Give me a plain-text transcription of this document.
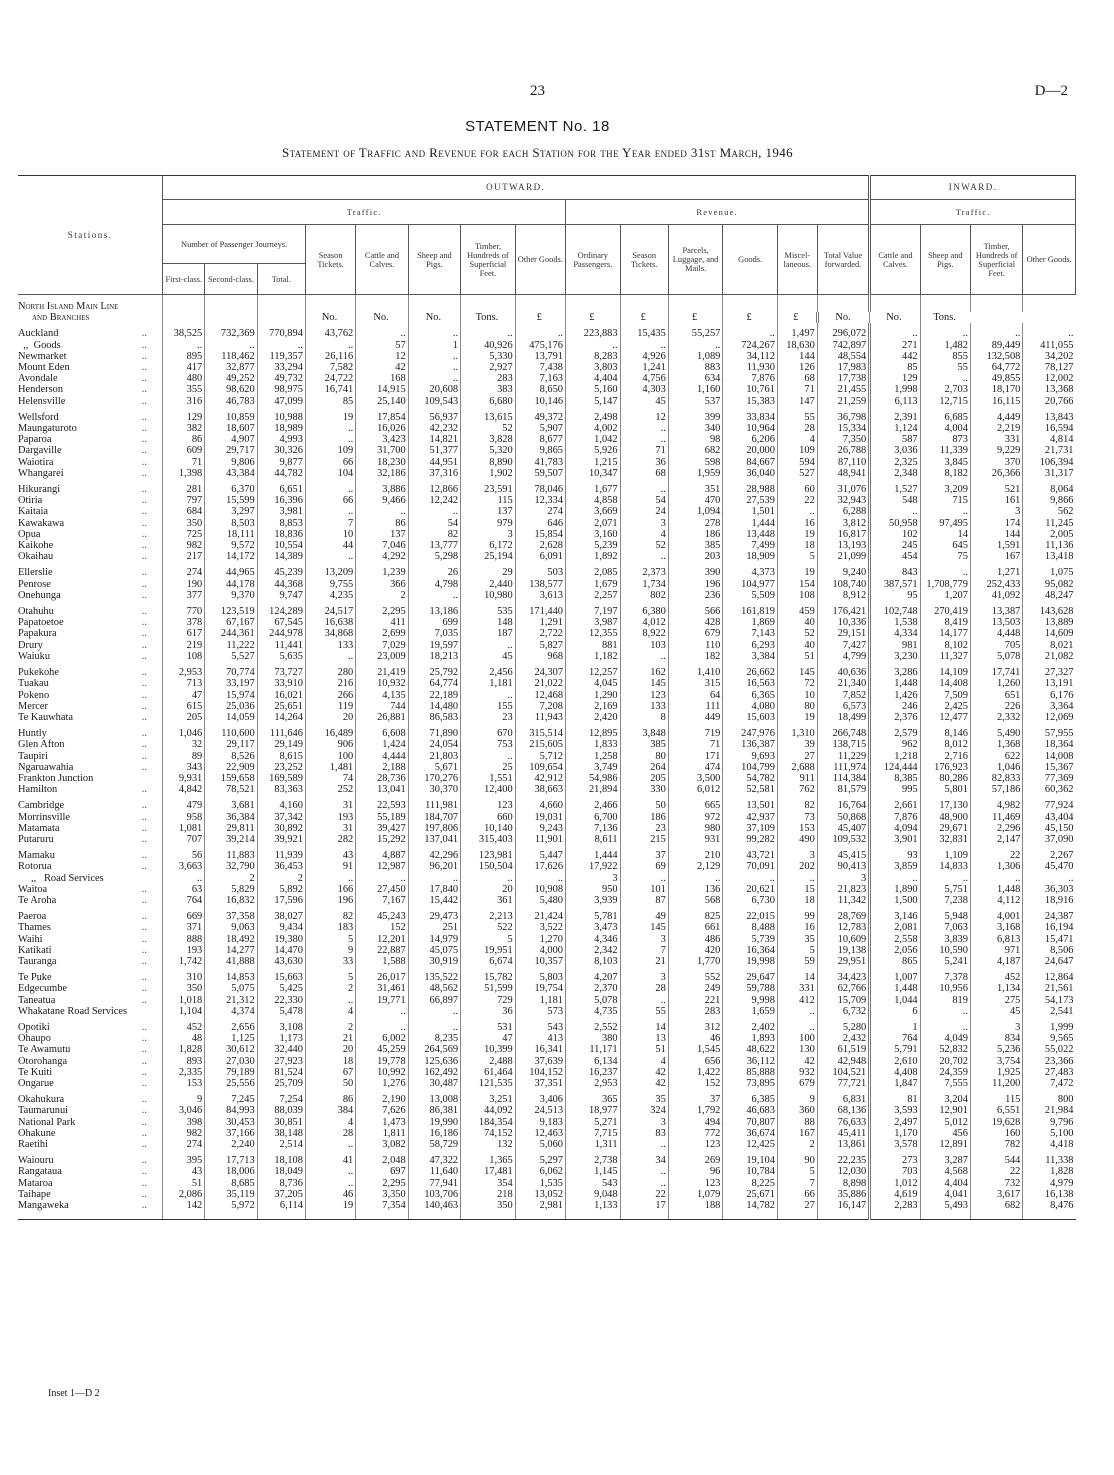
23	D—2
STATEMENT No. 18
Statement of Traffic and Revenue for each Station for the Year ended 31st March, 1946
Stations.		OUTWARD.														INWARD.			
		Traffic.								Revenue.						Traffic.			
		Number of Passenger Journeys.			Season Tickets.	Cattle and Calves.	Sheep and Pigs.	Timber, Hundreds of Superficial Feet.	Other Goods.	Ordinary Passengers.	Season Tickets.	Parcels, Luggage, and Mails.	Goods.	Miscel-laneous.	Total Value forwarded.	Cattle and Calves.	Sheep and Pigs.	Timber, Hundreds of Superficial Feet.	Other Goods.
		First-class.	Second-class.	Total.															
North Island Main Line																			
and Branches					No.	No.	No.	Tons.	£	£	£	£	£	£	No.	No.	Tons.		
Auckland	..	38,525	732,369	770,894	43,762	..	..	..	..	223,883	15,435	55,257	..	1,497	296,072	..	..	..	..
,,  Goods	..	..	..	..	..	57	1	40,926	475,176	..	..	..	724,267	18,630	742,897	271	1,482	89,449	411,055
Newmarket	..	895	118,462	119,357	26,116	12	..	5,330	13,791	8,283	4,926	1,089	34,112	144	48,554	442	855	132,508	34,202
Mount Eden	..	417	32,877	33,294	7,582	42	..	2,927	7,438	3,803	1,241	883	11,930	126	17,983	85	55	64,772	78,127
Avondale	..	480	49,252	49,732	24,722	168	..	283	7,163	4,404	4,756	634	7,876	68	17,738	129	..	49,855	12,002
Henderson	..	355	98,620	98,975	16,741	14,915	20,608	383	8,650	5,160	4,303	1,160	10,761	71	21,455	1,998	2,703	18,170	13,368
Helensville	..	316	46,783	47,099	85	25,140	109,543	6,680	10,146	5,147	45	537	15,383	147	21,259	6,113	12,715	16,115	20,766
Wellsford	..	129	10,859	10,988	19	17,854	56,937	13,615	49,372	2,498	12	399	33,834	55	36,798	2,391	6,685	4,449	13,843
Maungaturoto	..	382	18,607	18,989	..	16,026	42,232	52	5,907	4,002	..	340	10,964	28	15,334	1,124	4,004	2,219	16,594
Paparoa	..	86	4,907	4,993	..	3,423	14,821	3,828	8,677	1,042	..	98	6,206	4	7,350	587	873	331	4,814
Dargaville	..	609	29,717	30,326	109	31,700	51,377	5,320	9,865	5,926	71	682	20,000	109	26,788	3,036	11,339	9,229	21,731
Waiotira	..	71	9,806	9,877	66	18,230	44,951	8,890	41,783	1,215	36	598	84,667	594	87,110	2,325	3,845	370	106,394
Whangarei	..	1,398	43,384	44,782	104	32,186	37,316	1,902	59,507	10,347	68	1,959	36,040	527	48,941	2,348	8,182	26,366	31,317
Hikurangi	..	281	6,370	6,651	..	3,886	12,866	23,591	78,046	1,677	..	351	28,988	60	31,076	1,527	3,209	521	8,064
Otiria	..	797	15,599	16,396	66	9,466	12,242	115	12,334	4,858	54	470	27,539	22	32,943	548	715	161	9,866
Kaitaia	..	684	3,297	3,981	..	..	..	137	274	3,669	24	1,094	1,501	..	6,288	..	..	3	562
Kawakawa	..	350	8,503	8,853	7	86	54	979	646	2,071	3	278	1,444	16	3,812	50,958	97,495	174	11,245
Opua	..	725	18,111	18,836	10	137	82	3	15,854	3,160	4	186	13,448	19	16,817	102	14	144	2,005
Kaikohe	..	982	9,572	10,554	44	7,046	13,777	6,172	2,628	5,239	52	385	7,499	18	13,193	245	645	1,591	11,136
Okaihau	..	217	14,172	14,389	..	4,292	5,298	25,194	6,091	1,892	..	203	18,909	5	21,099	454	75	167	13,418
Ellerslie	..	274	44,965	45,239	13,209	1,239	26	29	503	2,085	2,373	390	4,373	19	9,240	843	..	1,271	1,075
Penrose	..	190	44,178	44,368	9,755	366	4,798	2,440	138,577	1,679	1,734	196	104,977	154	108,740	387,571	1,708,779	252,433	95,082
Onehunga	..	377	9,370	9,747	4,235	2	..	10,980	3,613	2,257	802	236	5,509	108	8,912	95	1,207	41,092	48,247
Otahuhu	..	770	123,519	124,289	24,517	2,295	13,186	535	171,440	7,197	6,380	566	161,819	459	176,421	102,748	270,419	13,387	143,628
Papatoetoe	..	378	67,167	67,545	16,638	411	699	148	1,291	3,987	4,012	428	1,869	40	10,336	1,538	8,419	13,503	13,889
Papakura	..	617	244,361	244,978	34,868	2,699	7,035	187	2,722	12,355	8,922	679	7,143	52	29,151	4,334	14,177	4,448	14,609
Drury	..	219	11,222	11,441	133	7,029	19,597	..	5,827	881	103	110	6,293	40	7,427	981	8,102	705	8,021
Waiuku	..	108	5,527	5,635	..	23,009	18,213	45	968	1,182	..	182	3,384	51	4,799	3,230	11,327	5,078	21,082
Pukekohe	..	2,953	70,774	73,727	280	21,419	25,792	2,456	24,307	12,257	162	1,410	26,662	145	40,636	3,286	14,109	17,741	27,327
Tuakau	..	713	33,197	33,910	216	10,932	64,774	1,181	21,022	4,045	145	315	16,563	72	21,340	1,448	14,408	1,260	13,191
Pokeno	..	47	15,974	16,021	266	4,135	22,189	..	12,468	1,290	123	64	6,365	10	7,852	1,426	7,509	651	6,176
Mercer	..	615	25,036	25,651	119	744	14,480	155	7,208	2,169	133	111	4,080	80	6,573	246	2,425	226	3,364
Te Kauwhata	..	205	14,059	14,264	20	26,881	86,583	23	11,943	2,420	8	449	15,603	19	18,499	2,376	12,477	2,332	12,069
Huntly	..	1,046	110,600	111,646	16,489	6,608	71,890	670	315,514	12,895	3,848	719	247,976	1,310	266,748	2,579	8,146	5,490	57,955
Glen Afton	..	32	29,117	29,149	906	1,424	24,054	753	215,605	1,833	385	71	136,387	39	138,715	962	8,012	1,368	18,364
Taupiri	..	89	8,526	8,615	100	4,444	21,803	..	5,712	1,258	80	171	9,693	27	11,229	1,218	2,716	622	14,008
Ngaruawahia	..	343	22,909	23,252	1,481	2,188	5,671	25	109,654	3,749	264	474	104,799	2,688	111,974	124,444	176,923	1,046	15,367
Frankton Junction		9,931	159,658	169,589	74	28,736	170,276	1,551	42,912	54,986	205	3,500	54,782	911	114,384	8,385	80,286	82,833	77,369
Hamilton	..	4,842	78,521	83,363	252	13,041	30,370	12,400	38,663	21,894	330	6,012	52,581	762	81,579	995	5,801	57,186	60,362
Cambridge	..	479	3,681	4,160	31	22,593	111,981	123	4,660	2,466	50	665	13,501	82	16,764	2,661	17,130	4,982	77,924
Morrinsville	..	958	36,384	37,342	193	55,189	184,707	660	19,031	6,700	186	972	42,937	73	50,868	7,876	48,900	11,469	43,404
Matamata	..	1,081	29,811	30,892	31	39,427	197,806	10,140	9,243	7,136	23	980	37,109	153	45,407	4,094	29,671	2,296	45,150
Putaruru	..	707	39,214	39,921	282	15,292	137,041	315,403	11,901	8,611	215	931	99,282	490	109,532	3,901	32,831	2,147	37,090
Mamaku	..	56	11,883	11,939	43	4,887	42,296	123,981	5,447	1,444	37	210	43,721	3	45,415	93	1,109	22	2,267
Rotorua	..	3,663	32,790	36,453	91	12,987	96,201	150,504	17,626	17,922	69	2,129	70,091	202	90,413	3,859	14,833	1,306	45,470
,,   Road Services		..	2	2	..	..	..	..	..	3	..	..	..	..	3	..	..	..	..
Waitoa	..	63	5,829	5,892	166	27,450	17,840	20	10,908	950	101	136	20,621	15	21,823	1,890	5,751	1,448	36,303
Te Aroha	..	764	16,832	17,596	196	7,167	15,442	361	5,480	3,939	87	568	6,730	18	11,342	1,500	7,238	4,112	18,916
Paeroa	..	669	37,358	38,027	82	45,243	29,473	2,213	21,424	5,781	49	825	22,015	99	28,769	3,146	5,948	4,001	24,387
Thames	..	371	9,063	9,434	183	152	251	522	3,522	3,473	145	661	8,488	16	12,783	2,081	7,063	3,168	16,194
Waihi	..	888	18,492	19,380	5	12,201	14,979	5	1,270	4,346	3	486	5,739	35	10,609	2,558	3,839	6,813	15,471
Katikati	..	193	14,277	14,470	9	22,887	45,075	19,951	4,000	2,342	7	420	16,364	5	19,138	2,056	10,590	971	8,506
Tauranga	..	1,742	41,888	43,630	33	1,588	30,919	6,674	10,357	8,103	21	1,770	19,998	59	29,951	865	5,241	4,187	24,647
Te Puke	..	310	14,853	15,663	5	26,017	135,522	15,782	5,803	4,207	3	552	29,647	14	34,423	1,007	7,378	452	12,864
Edgecumbe	..	350	5,075	5,425	2	31,461	48,562	51,599	19,754	2,370	28	249	59,788	331	62,766	1,448	10,956	1,134	21,561
Taneatua	..	1,018	21,312	22,330	..	19,771	66,897	729	1,181	5,078	..	221	9,998	412	15,709	1,044	819	275	54,173
Whakatane Road Services		1,104	4,374	5,478	4	..	..	36	573	4,735	55	283	1,659	..	6,732	6	..	45	2,541
Opotiki	..	452	2,656	3,108	2	..	..	531	543	2,552	14	312	2,402	..	5,280	1	..	3	1,999
Ohaupo	..	48	1,125	1,173	21	6,002	8,235	47	413	380	13	46	1,893	100	2,432	764	4,049	834	9,565
Te Awamutu	..	1,828	30,612	32,440	20	45,259	264,569	10,399	16,341	11,171	51	1,545	48,622	130	61,519	5,791	52,832	5,236	55,022
Otorohanga	..	893	27,030	27,923	18	19,778	125,636	2,488	37,639	6,134	4	656	36,112	42	42,948	2,610	20,702	3,754	23,366
Te Kuiti	..	2,335	79,189	81,524	67	10,992	162,492	61,464	104,152	16,237	42	1,422	85,888	932	104,521	4,408	24,359	1,925	27,483
Ongarue	..	153	25,556	25,709	50	1,276	30,487	121,535	37,351	2,953	42	152	73,895	679	77,721	1,847	7,555	11,200	7,472
Okahukura	..	9	7,245	7,254	86	2,190	13,008	3,251	3,406	365	35	37	6,385	9	6,831	81	3,204	115	800
Taumarunui	..	3,046	84,993	88,039	384	7,626	86,381	44,092	24,513	18,977	324	1,792	46,683	360	68,136	3,593	12,901	6,551	21,984
National Park	..	398	30,453	30,851	4	1,473	19,990	184,354	9,183	5,271	3	494	70,807	88	76,633	2,497	5,012	19,628	9,796
Ohakune	..	982	37,166	38,148	28	1,811	16,186	74,152	12,463	7,715	83	772	36,674	167	45,411	1,170	456	160	5,100
Raetihi	..	274	2,240	2,514	..	3,082	58,729	132	5,060	1,311	..	123	12,425	2	13,861	3,578	12,891	782	4,418
Waiouru	..	395	17,713	18,108	41	2,048	47,322	1,365	5,297	2,738	34	269	19,104	90	22,235	273	3,287	544	11,338
Rangataua	..	43	18,006	18,049	..	697	11,640	17,481	6,062	1,145	..	96	10,784	5	12,030	703	4,568	22	1,828
Mataroa	..	51	8,685	8,736	..	2,295	77,941	354	1,535	543	..	123	8,225	7	8,898	1,012	4,404	732	4,979
Taihape	..	2,086	35,119	37,205	46	3,350	103,706	218	13,052	9,048	22	1,079	25,671	66	35,886	4,619	4,041	3,617	16,138
Mangaweka	..	142	5,972	6,114	19	7,354	140,463	350	2,981	1,133	17	188	14,782	27	16,147	2,283	5,493	682	8,476

Inset 1—D 2
